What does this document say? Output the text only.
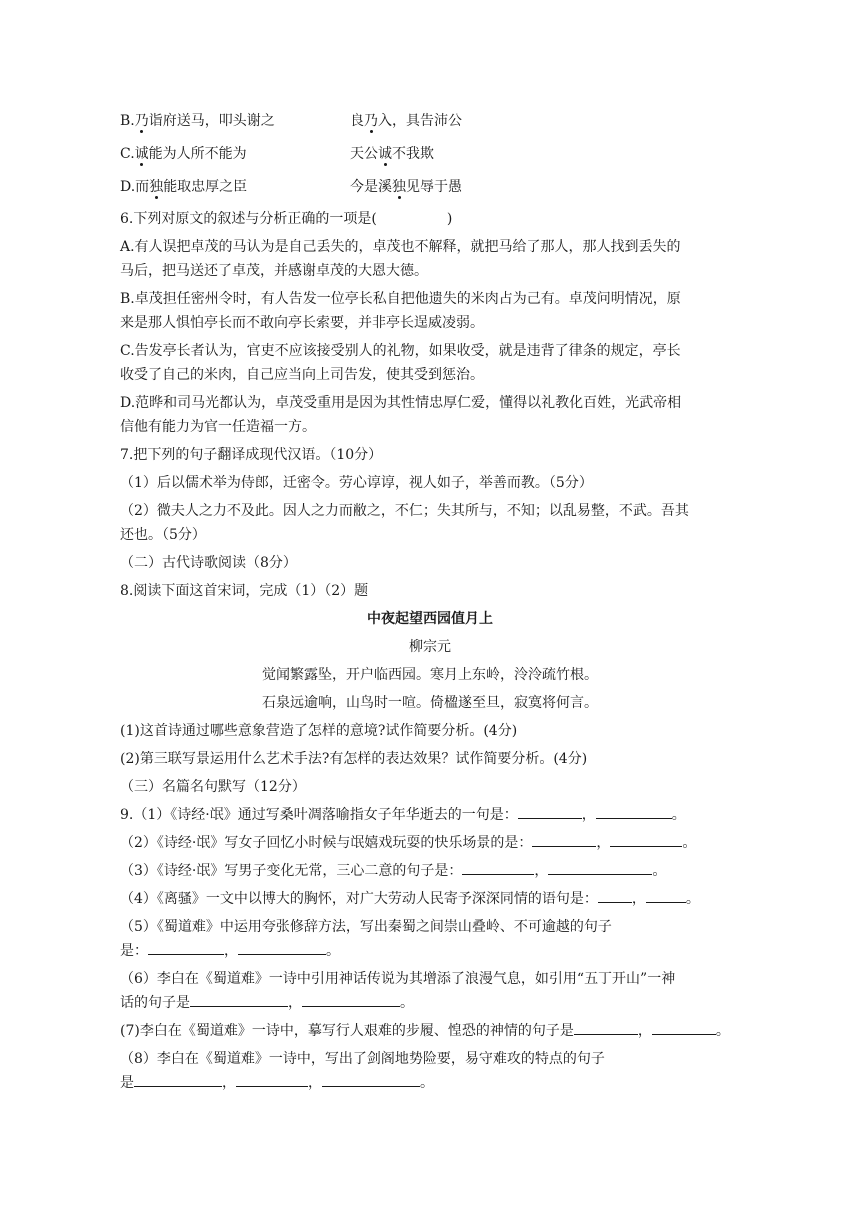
B.乃诣府送马，叩头谢之	良乃入，具告沛公
C.诚能为人所不能为	天公诚不我欺
D.而独能取忠厚之臣	今是溪独见辱于愚

6.下列对原文的叙述与分析正确的一项是(　　　　　)

A.有人误把卓茂的马认为是自己丢失的，卓茂也不解释，就把马给了那人，那人找到丢失的

马后，把马送还了卓茂，并感谢卓茂的大恩大德。

B.卓茂担任密州令时，有人告发一位亭长私自把他遗失的米肉占为己有。卓茂问明情况，原

来是那人惧怕亭长而不敢向亭长索要，并非亭长逞威凌弱。

C.告发亭长者认为，官吏不应该接受别人的礼物，如果收受，就是违背了律条的规定，亭长

收受了自己的米肉，自己应当向上司告发，使其受到惩治。

D.范晔和司马光都认为，卓茂受重用是因为其性情忠厚仁爱，懂得以礼教化百姓，光武帝相

信他有能力为官一任造福一方。

7.把下列的句子翻译成现代汉语。（10分）

（1）后以儒术举为侍郎，迁密令。劳心谆谆，视人如子，举善而教。（5分）

（2）微夫人之力不及此。因人之力而敝之，不仁；失其所与，不知；以乱易整，不武。吾其

还也。（5分）

（二）古代诗歌阅读（8分）

8.阅读下面这首宋词，完成（1）（2）题

中夜起望西园值月上

柳宗元

觉闻繁露坠，开户临西园。寒月上东岭，泠泠疏竹根。

石泉远逾响，山鸟时一喧。倚楹遂至旦，寂寞将何言。

(1)这首诗通过哪些意象营造了怎样的意境?试作简要分析。(4分)

(2)第三联写景运用什么艺术手法?有怎样的表达效果？试作简要分析。(4分)

（三）名篇名句默写（12分）

9.（1）《诗经·氓》通过写桑叶凋落喻指女子年华逝去的一句是：	，	。

（2）《诗经·氓》写女子回忆小时候与氓嬉戏玩耍的快乐场景的是：	，	。

（3）《诗经·氓》写男子变化无常，三心二意的句子是：	，	。

（4）《离骚》一文中以博大的胸怀，对广大劳动人民寄予深深同情的语句是： ，	。

（5）《蜀道难》中运用夸张修辞方法，写出秦蜀之间崇山叠岭、不可逾越的句子

是：	，	。

（6）李白在《蜀道难》一诗中引用神话传说为其增添了浪漫气息，如引用“五丁开山”一神

话的句子是	，	。

(7)李白在《蜀道难》一诗中，摹写行人艰难的步履、惶恐的神情的句子是	，	。

（8）李白在《蜀道难》一诗中，写出了剑阁地势险要，易守难攻的特点的句子

是	，	，	。
